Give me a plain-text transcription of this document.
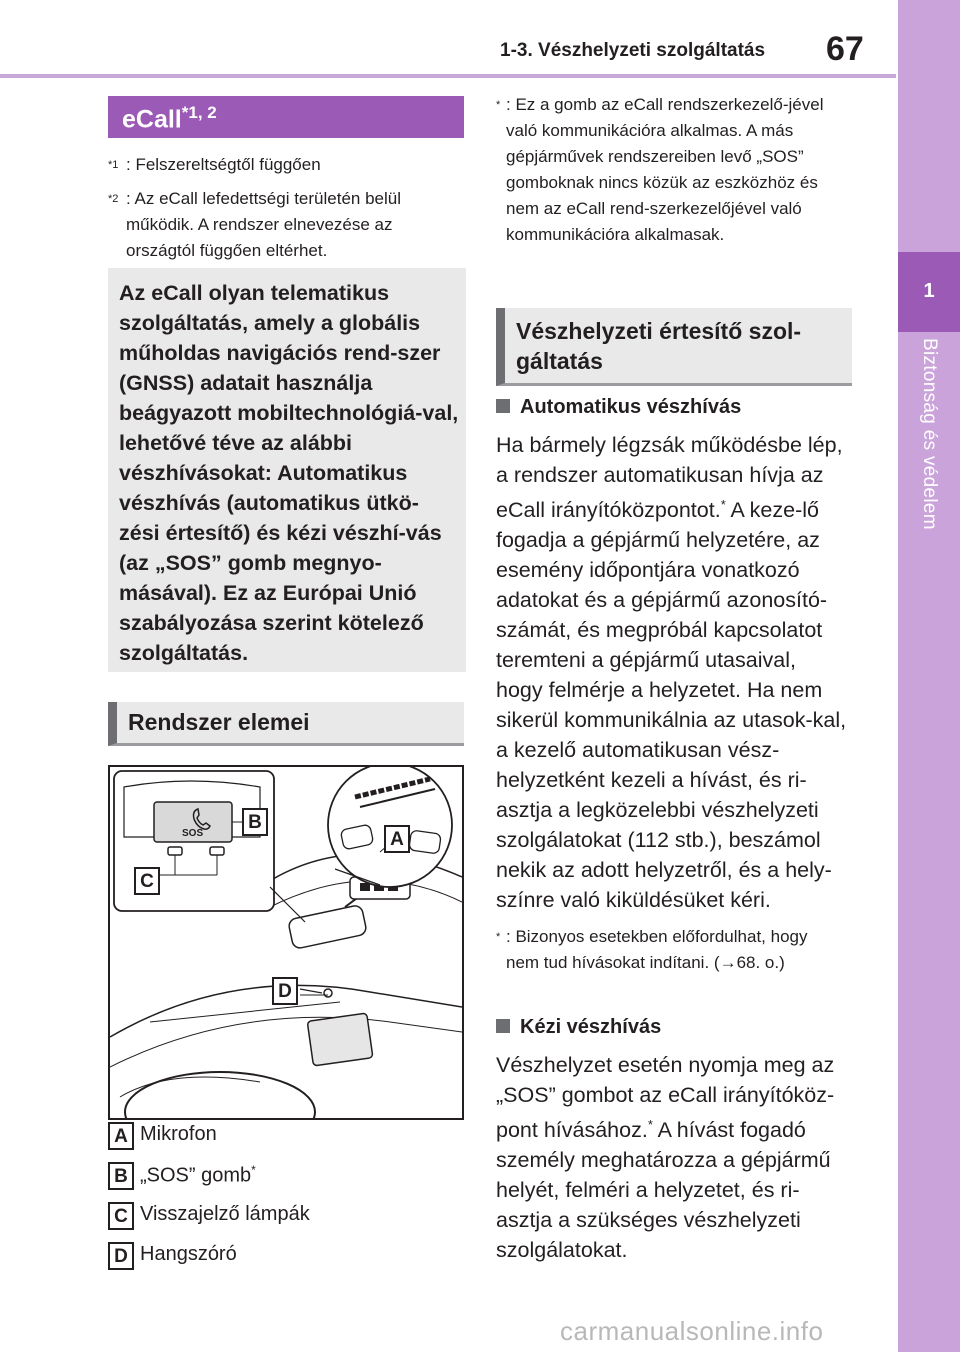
1-3. Vészhelyzeti szolgáltatás 67
1
Biztonság és védelem
eCall$^{*1, 2}$
$^{*1}$ : Felszereltségtől függően
$^{*2}$ : Az eCall lefedettségi területén belül működik. A rendszer elnevezése az országtól függően eltérhet.
Az eCall olyan telematikus szolgáltatás, amely a globális műholdas navigációs rend-szer (GNSS) adatait használja beágyazott mobiltechnológiá-val, lehetővé téve az alábbi vészhívásokat: Automatikus vészhívás (automatikus ütkö-zési értesítő) és kézi vészhí-vás (az „SOS” gomb megnyo-másával). Ez az Európai Unió szabályozása szerint kötelező szolgáltatás.
Rendszer elemei
SOS
B
A
C
D
A Mikrofon
B „SOS” gomb*
C Visszajelző lámpák
D Hangszóró
* : Ez a gomb az eCall rendszerkezelő-jével való kommunikációra alkalmas. A más gépjárművek rendszereiben levő „SOS” gomboknak nincs közük az eszközhöz és nem az eCall rend-szerkezelőjével való kommunikációra alkalmasak.
Vészhelyzeti értesítő szol-
gáltatás
Automatikus vészhívás
Ha bármely légzsák működésbe lép, a rendszer automatikusan hívja az eCall irányítóközpontot.* A keze-lő fogadja a gépjármű helyzetére, az esemény időpontjára vonatkozó adatokat és a gépjármű azonosító-számát, és megpróbál kapcsolatot teremteni a gépjármű utasaival, hogy felmérje a helyzetet. Ha nem sikerül kommunikálnia az utasok-kal, a kezelő automatikusan vész-helyzetként kezeli a hívást, és ri-asztja a legközelebbi vészhelyzeti szolgálatokat (112 stb.), beszámol nekik az adott helyzetről, és a hely-színre való kiküldésüket kéri.
* : Bizonyos esetekben előfordulhat, hogy nem tud hívásokat indítani. (→68. o.)
Kézi vészhívás
Vészhelyzet esetén nyomja meg az „SOS” gombot az eCall irányítóköz-pont hívásához.* A hívást fogadó személy meghatározza a gépjármű helyét, felméri a helyzetet, és ri-asztja a szükséges vészhelyzeti szolgálatokat.
carmanualsonline.info
